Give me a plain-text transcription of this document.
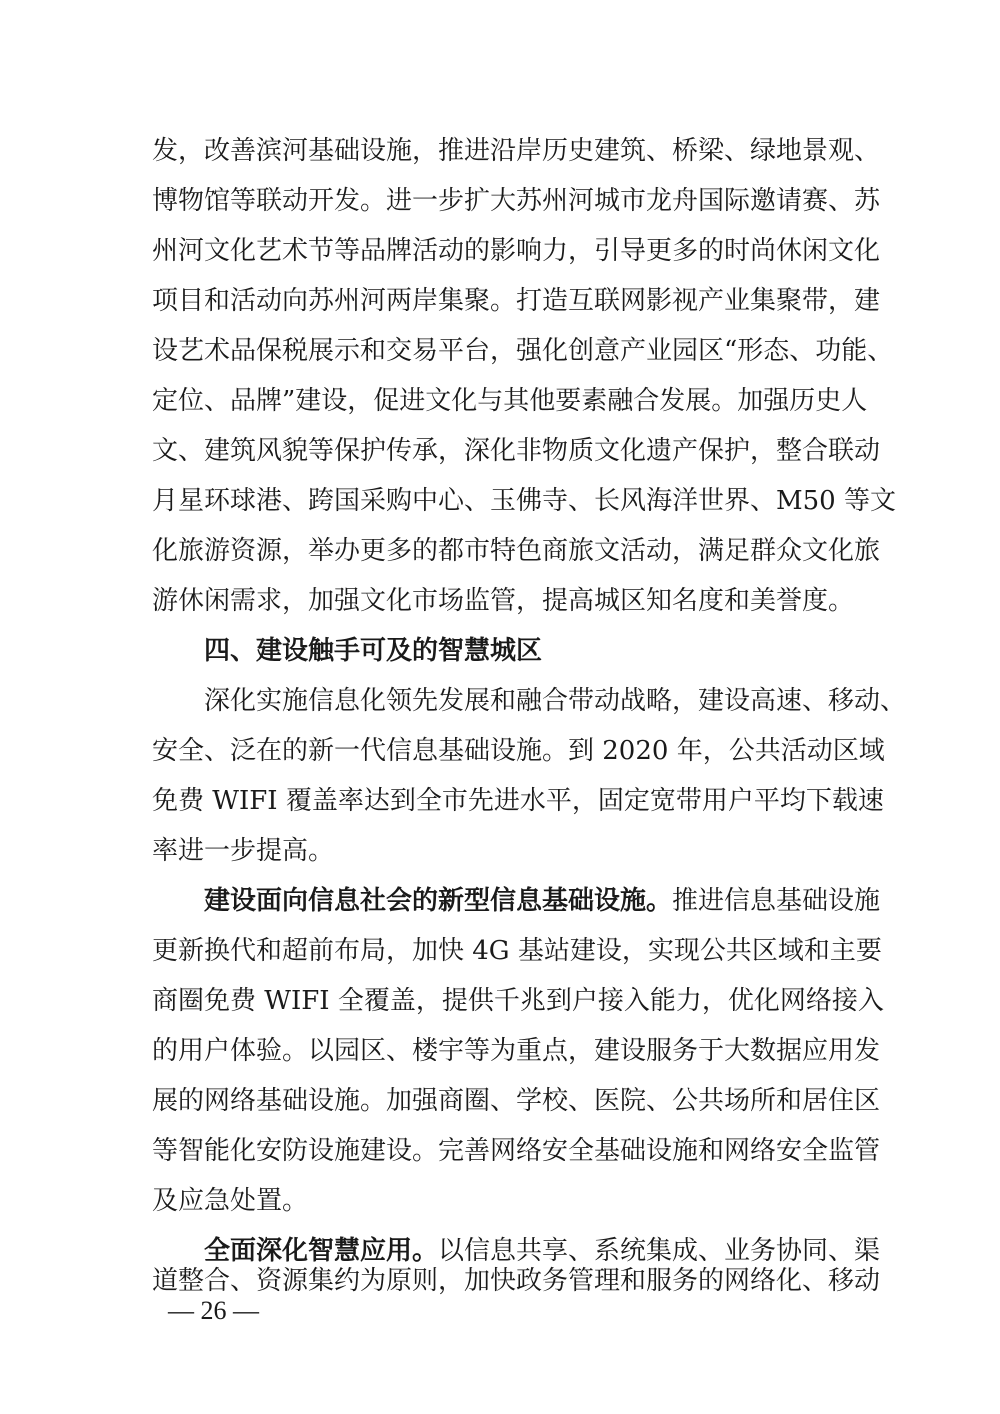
发，改善滨河基础设施，推进沿岸历史建筑、桥梁、绿地景观、
博物馆等联动开发。进一步扩大苏州河城市龙舟国际邀请赛、苏
州河文化艺术节等品牌活动的影响力，引导更多的时尚休闲文化
项目和活动向苏州河两岸集聚。打造互联网影视产业集聚带，建
设艺术品保税展示和交易平台，强化创意产业园区“形态、功能、
定位、品牌”建设，促进文化与其他要素融合发展。加强历史人
文、建筑风貌等保护传承，深化非物质文化遗产保护，整合联动
月星环球港、跨国采购中心、玉佛寺、长风海洋世界、M50 等文
化旅游资源，举办更多的都市特色商旅文活动，满足群众文化旅
游休闲需求，加强文化市场监管，提高城区知名度和美誉度。
四、建设触手可及的智慧城区
深化实施信息化领先发展和融合带动战略，建设高速、移动、
安全、泛在的新一代信息基础设施。到 2020 年，公共活动区域
免费 WIFI 覆盖率达到全市先进水平，固定宽带用户平均下载速
率进一步提高。
建设面向信息社会的新型信息基础设施。推进信息基础设施
更新换代和超前布局，加快 4G 基站建设，实现公共区域和主要
商圈免费 WIFI 全覆盖，提供千兆到户接入能力，优化网络接入
的用户体验。以园区、楼宇等为重点，建设服务于大数据应用发
展的网络基础设施。加强商圈、学校、医院、公共场所和居住区
等智能化安防设施建设。完善网络安全基础设施和网络安全监管
及应急处置。
全面深化智慧应用。以信息共享、系统集成、业务协同、渠
道整合、资源集约为原则，加快政务管理和服务的网络化、移动
— 26 —
